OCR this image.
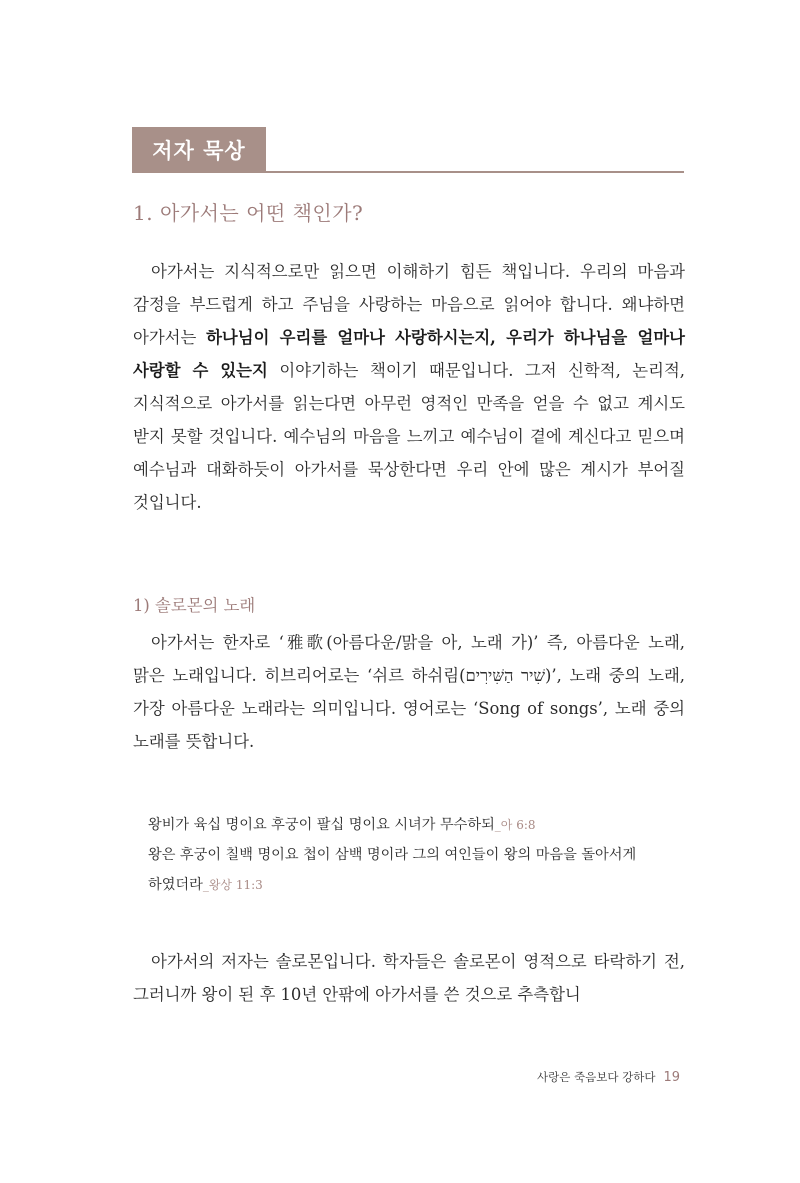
저자 묵상
1. 아가서는 어떤 책인가?

아가서는 지식적으로만 읽으면 이해하기 힘든 책입니다. 우리의 마음과 감정을 부드럽게 하고 주님을 사랑하는 마음으로 읽어야 합니다. 왜냐하면 아가서는 하나님이 우리를 얼마나 사랑하시는지, 우리가 하나님을 얼마나 사랑할 수 있는지 이야기하는 책이기 때문입니다. 그저 신학적, 논리적, 지식적으로 아가서를 읽는다면 아무런 영적인 만족을 얻을 수 없고 계시도 받지 못할 것입니다. 예수님의 마음을 느끼고 예수님이 곁에 계신다고 믿으며 예수님과 대화하듯이 아가서를 묵상한다면 우리 안에 많은 계시가 부어질 것입니다.

1) 솔로몬의 노래

아가서는 한자로 ‘雅歌(아름다운/맑을 아, 노래 가)’ 즉, 아름다운 노래, 맑은 노래입니다. 히브리어로는 ‘쉬르 하쉬림(שִׁיר הַשִּׁירִים)’, 노래 중의 노래, 가장 아름다운 노래라는 의미입니다. 영어로는 ‘Song of songs’, 노래 중의 노래를 뜻합니다.

왕비가 육십 명이요 후궁이 팔십 명이요 시녀가 무수하되_아 6:8

왕은 후궁이 칠백 명이요 첩이 삼백 명이라 그의 여인들이 왕의 마음을 돌아서게 하였더라_왕상 11:3

아가서의 저자는 솔로몬입니다. 학자들은 솔로몬이 영적으로 타락하기 전, 그러니까 왕이 된 후 10년 안팎에 아가서를 쓴 것으로 추측합니

사랑은 죽음보다 강하다 19
